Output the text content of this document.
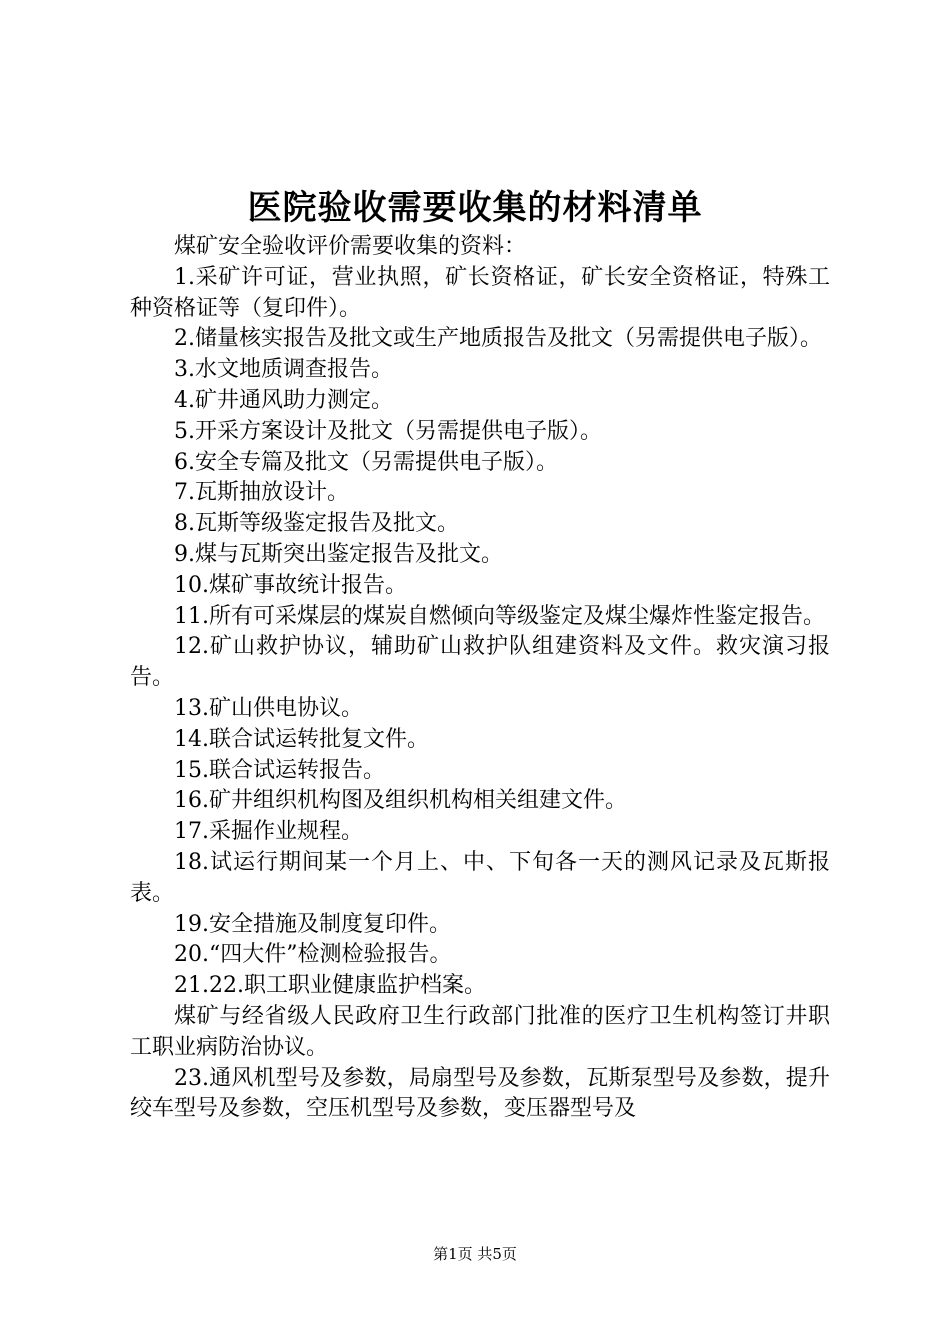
医院验收需要收集的材料清单

煤矿安全验收评价需要收集的资料：

1.采矿许可证，营业执照，矿长资格证，矿长安全资格证，特殊工种资格证等（复印件）。

2.储量核实报告及批文或生产地质报告及批文（另需提供电子版）。

3.水文地质调查报告。

4.矿井通风助力测定。

5.开采方案设计及批文（另需提供电子版）。

6.安全专篇及批文（另需提供电子版）。

7.瓦斯抽放设计。

8.瓦斯等级鉴定报告及批文。

9.煤与瓦斯突出鉴定报告及批文。

10.煤矿事故统计报告。

11.所有可采煤层的煤炭自燃倾向等级鉴定及煤尘爆炸性鉴定报告。

12.矿山救护协议，辅助矿山救护队组建资料及文件。救灾演习报告。

13.矿山供电协议。

14.联合试运转批复文件。

15.联合试运转报告。

16.矿井组织机构图及组织机构相关组建文件。

17.采掘作业规程。

18.试运行期间某一个月上、中、下旬各一天的测风记录及瓦斯报表。

19.安全措施及制度复印件。

20.“四大件”检测检验报告。

21.22.职工职业健康监护档案。

煤矿与经省级人民政府卫生行政部门批准的医疗卫生机构签订井职工职业病防治协议。

23.通风机型号及参数，局扇型号及参数，瓦斯泵型号及参数，提升绞车型号及参数，空压机型号及参数，变压器型号及

第1页 共5页
